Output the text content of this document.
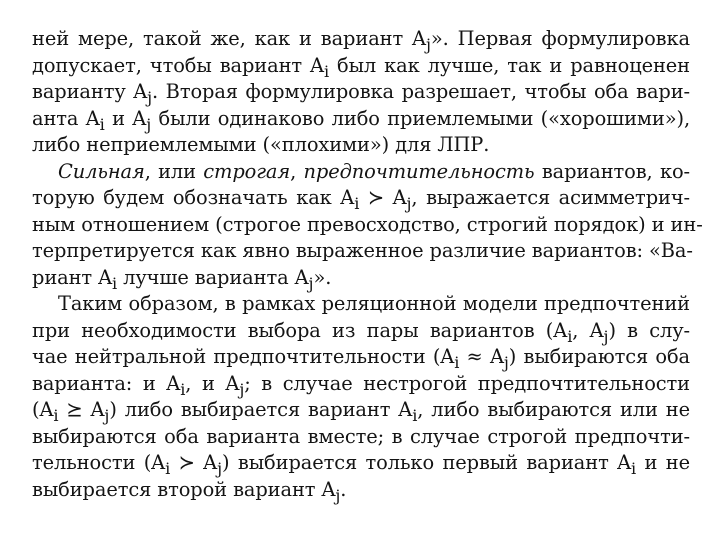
ней мере, такой же, как и вариант $A_j$». Первая формулировка
допускает, чтобы вариант $A_i$ был как лучше, так и равноценен
варианту $A_j$. Вторая формулировка разрешает, чтобы оба вари-
анта $A_i$ и $A_j$ были одинаково либо приемлемыми («хорошими»),
либо неприемлемыми («плохими») для ЛПР.
Сильная, или строгая, предпочтительность вариантов, ко-
торую будем обозначать как $A_i$ ≻ $A_j$, выражается асимметрич-
ным отношением (строгое превосходство, строгий порядок) и ин-
терпретируется как явно выраженное различие вариантов: «Ва-
риант $A_i$ лучше варианта $A_j$».
Таким образом, в рамках реляционной модели предпочтений
при необходимости выбора из пары вариантов ($A_i$, $A_j$) в слу-
чае нейтральной предпочтительности $(A_i \approx A_j)$ выбираются оба
варианта: и $A_i$, и $A_j$; в случае нестрогой предпочтительности
($A_i$ ⪰ $A_j$) либо выбирается вариант $A_i$, либо выбираются или не
выбираются оба варианта вместе; в случае строгой предпочти-
тельности ($A_i$ ≻ $A_j$) выбирается только первый вариант $A_i$ и не
выбирается второй вариант $A_j$.
